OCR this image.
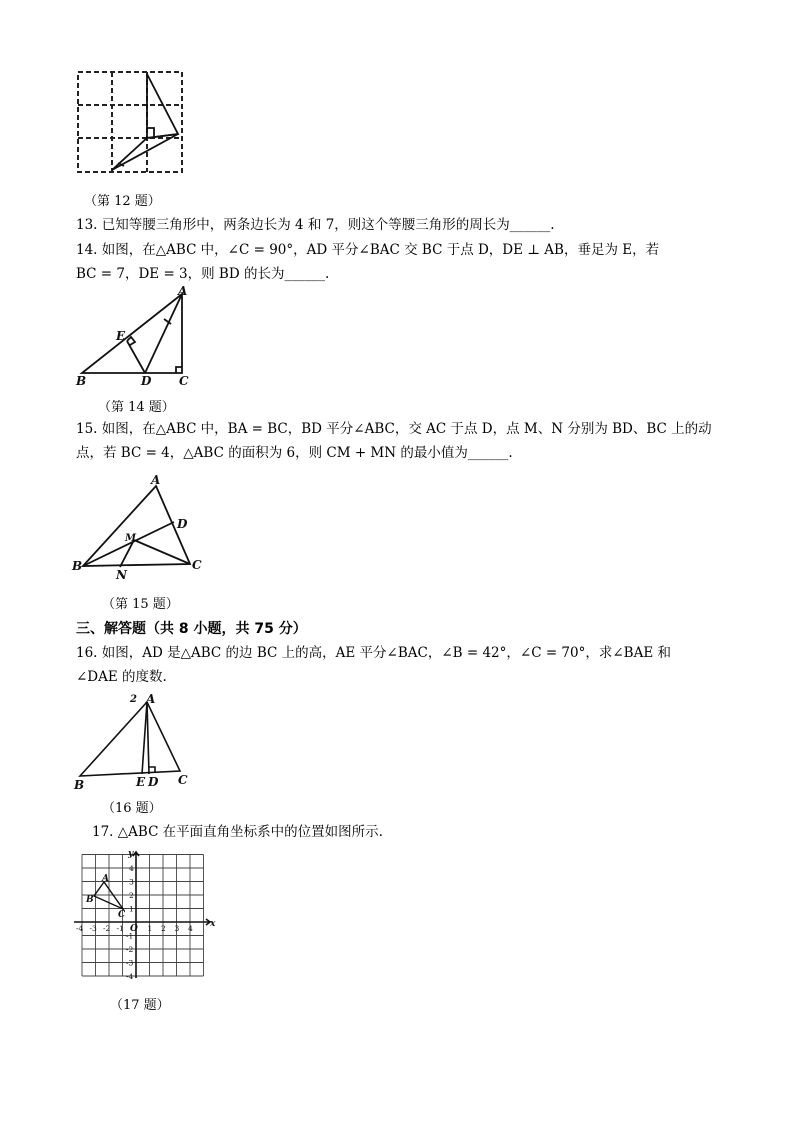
（第 12 题）
13. 已知等腰三角形中，两条边长为 4 和 7，则这个等腰三角形的周长为______.
14. 如图，在△ABC 中，∠C = 90°，AD 平分∠BAC 交 BC 于点 D，DE ⊥ AB，垂足为 E，若
BC = 7，DE = 3，则 BD 的长为______.
A
B	C
D
E
（第 14 题）
15. 如图，在△ABC 中，BA = BC，BD 平分∠ABC，交 AC 于点 D，点 M、N 分别为 BD、BC 上的动
点，若 BC = 4，△ABC 的面积为 6，则 CM + MN 的最小值为______.
A
B	C
D
M
N
（第 15 题）
三、解答题（共 8 小题，共 75 分）
16. 如图，AD 是△ABC 的边 BC 上的高，AE 平分∠BAC，∠B = 42°，∠C = 70°，求∠BAE 和
∠DAE 的度数.
A
B	C
D
E
2
（16 题）
17. △ABC 在平面直角坐标系中的位置如图所示.
-4 -3 -2 -1	1 2 3 4
4
3
2
1
-1
-2
-3
-4
x
y
O
A
B
C
（17 题）
